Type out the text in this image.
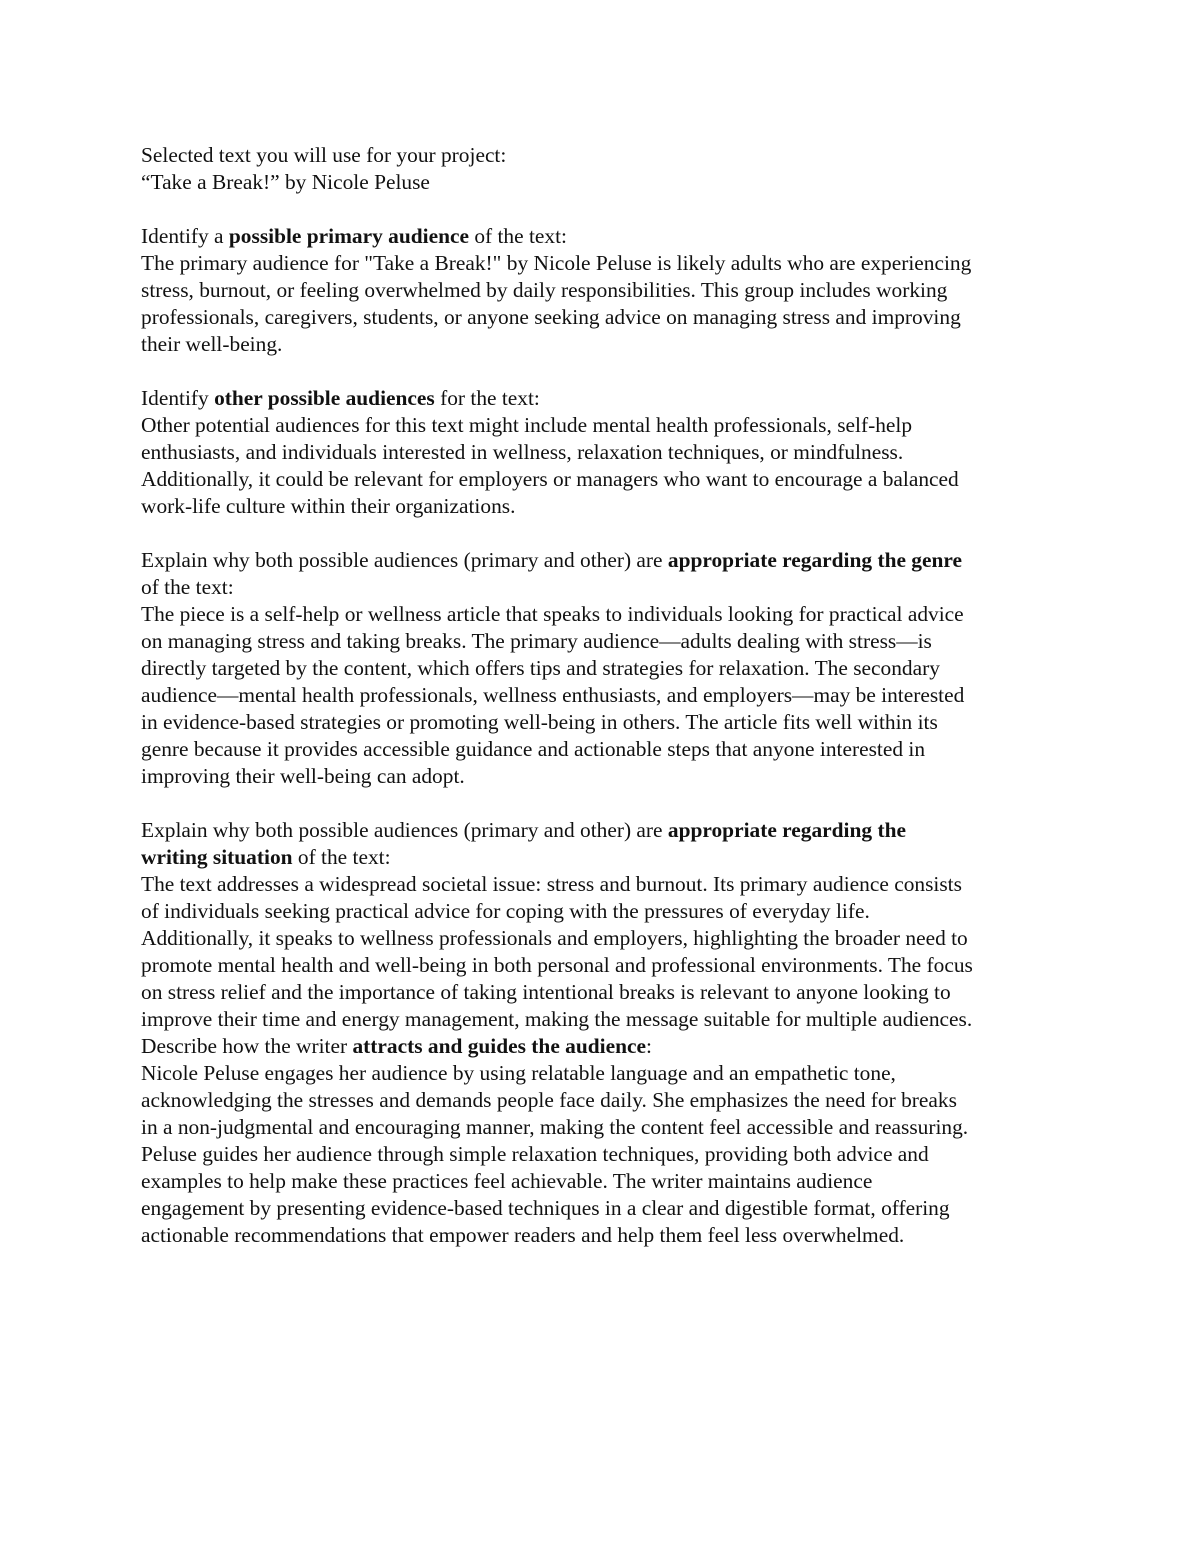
Selected text you will use for your project:
“Take a Break!” by Nicole Peluse
Identify a possible primary audience of the text:
The primary audience for "Take a Break!" by Nicole Peluse is likely adults who are experiencing
stress, burnout, or feeling overwhelmed by daily responsibilities. This group includes working
professionals, caregivers, students, or anyone seeking advice on managing stress and improving
their well-being.
Identify other possible audiences for the text:
Other potential audiences for this text might include mental health professionals, self-help
enthusiasts, and individuals interested in wellness, relaxation techniques, or mindfulness.
Additionally, it could be relevant for employers or managers who want to encourage a balanced
work-life culture within their organizations.
Explain why both possible audiences (primary and other) are appropriate regarding the genre
of the text:
The piece is a self-help or wellness article that speaks to individuals looking for practical advice
on managing stress and taking breaks. The primary audience—adults dealing with stress—is
directly targeted by the content, which offers tips and strategies for relaxation. The secondary
audience—mental health professionals, wellness enthusiasts, and employers—may be interested
in evidence-based strategies or promoting well-being in others. The article fits well within its
genre because it provides accessible guidance and actionable steps that anyone interested in
improving their well-being can adopt.
Explain why both possible audiences (primary and other) are appropriate regarding the
writing situation of the text:
The text addresses a widespread societal issue: stress and burnout. Its primary audience consists
of individuals seeking practical advice for coping with the pressures of everyday life.
Additionally, it speaks to wellness professionals and employers, highlighting the broader need to
promote mental health and well-being in both personal and professional environments. The focus
on stress relief and the importance of taking intentional breaks is relevant to anyone looking to
improve their time and energy management, making the message suitable for multiple audiences.
Describe how the writer attracts and guides the audience:
Nicole Peluse engages her audience by using relatable language and an empathetic tone,
acknowledging the stresses and demands people face daily. She emphasizes the need for breaks
in a non-judgmental and encouraging manner, making the content feel accessible and reassuring.
Peluse guides her audience through simple relaxation techniques, providing both advice and
examples to help make these practices feel achievable. The writer maintains audience
engagement by presenting evidence-based techniques in a clear and digestible format, offering
actionable recommendations that empower readers and help them feel less overwhelmed.
